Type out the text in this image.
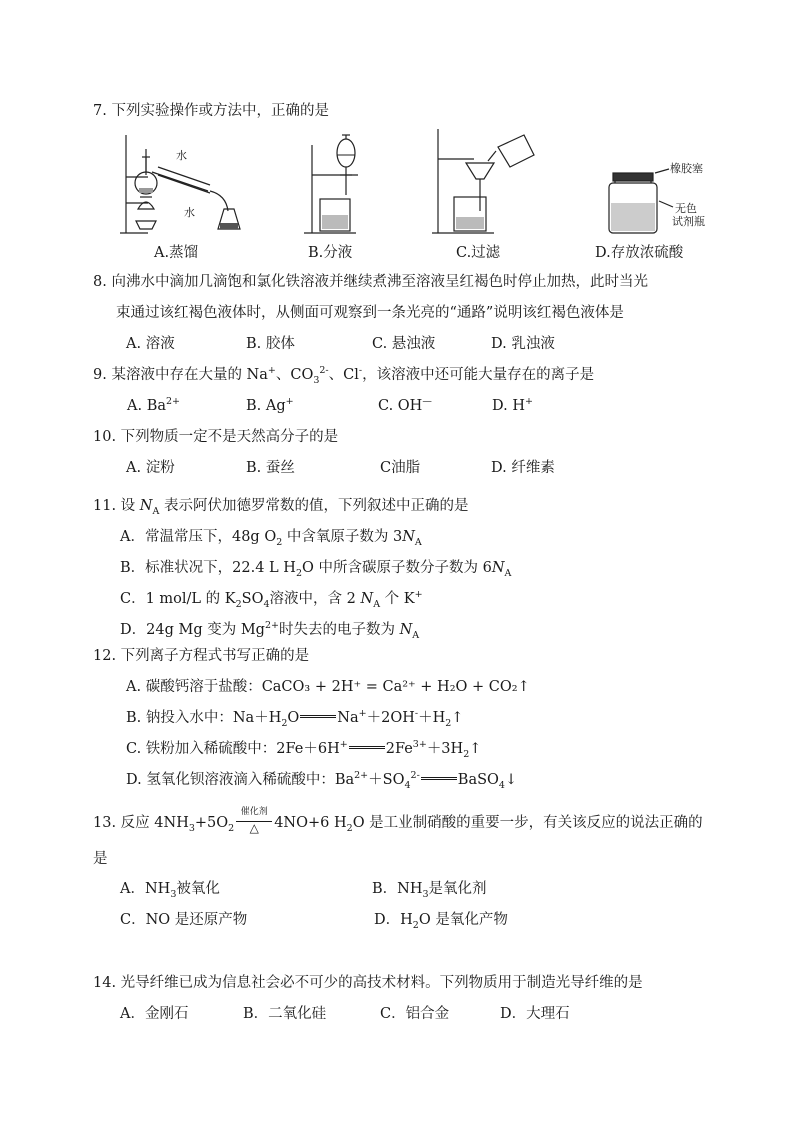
7. 下列实验操作或方法中，正确的是
水
水
A.蒸馏	B.分液	C.过滤
橡胶塞
无色
试剂瓶
D.存放浓硫酸
8. 向沸水中滴加几滴饱和氯化铁溶液并继续煮沸至溶液呈红褐色时停止加热，此时当光
束通过该红褐色液体时，从侧面可观察到一条光亮的“通路”说明该红褐色液体是
A. 溶液	B. 胶体	C. 悬浊液	D. 乳浊液
9. 某溶液中存在大量的 Na+、$CO_3^{2-}$、Cl-，该溶液中还可能大量存在的离子是
A. $Ba^{2+}$	B. Ag+	C. OH—	D. H+
10. 下列物质一定不是天然高分子的是
A. 淀粉	B. 蚕丝	C油脂	D. 纤维素
11. 设 $N_A$ 表示阿伏加德罗常数的值，下列叙述中正确的是
A．常温常压下，48g $O_2$ 中含氧原子数为 $3N_A$
B．标准状况下，22.4 L $H_2O$ 中所含碳原子数分子数为 $6N_A$
C．1 mol/L 的 $K_2SO_4$溶液中，含 2 $N_A$ 个 K+
D．24g Mg 变为 $Mg^{2+}$时失去的电子数为 $N_A$
12. 下列离子方程式书写正确的是
A. 碳酸钙溶于盐酸：CaCO₃ + 2H⁺ = Ca²⁺ + H₂O + CO₂↑
B. 钠投入水中：$Na+H_2O$	$Na^++2OH^-+H_2↑$
C. 铁粉加入稀硫酸中：2Fe＋6H+	$2Fe^{3+}+3H_2↑$
D. 氢氧化钡溶液滴入稀硫酸中：$Ba^{2+}+SO_4^{2-}$	BaSO$_4$↓
13. 反应 $4NH_3+5O_2$
催化剂
△	4NO+6 $H_2O$ 是工业制硝酸的重要一步，有关该反应的说法正确的
是
A．$NH_3$被氧化	B．$NH_3$是氧化剂
C．NO 是还原产物	D．$H_2O$ 是氧化产物
14. 光导纤维已成为信息社会必不可少的高技术材料。下列物质用于制造光导纤维的是
A．金刚石	B．二氧化硅	C．铝合金	D．大理石
